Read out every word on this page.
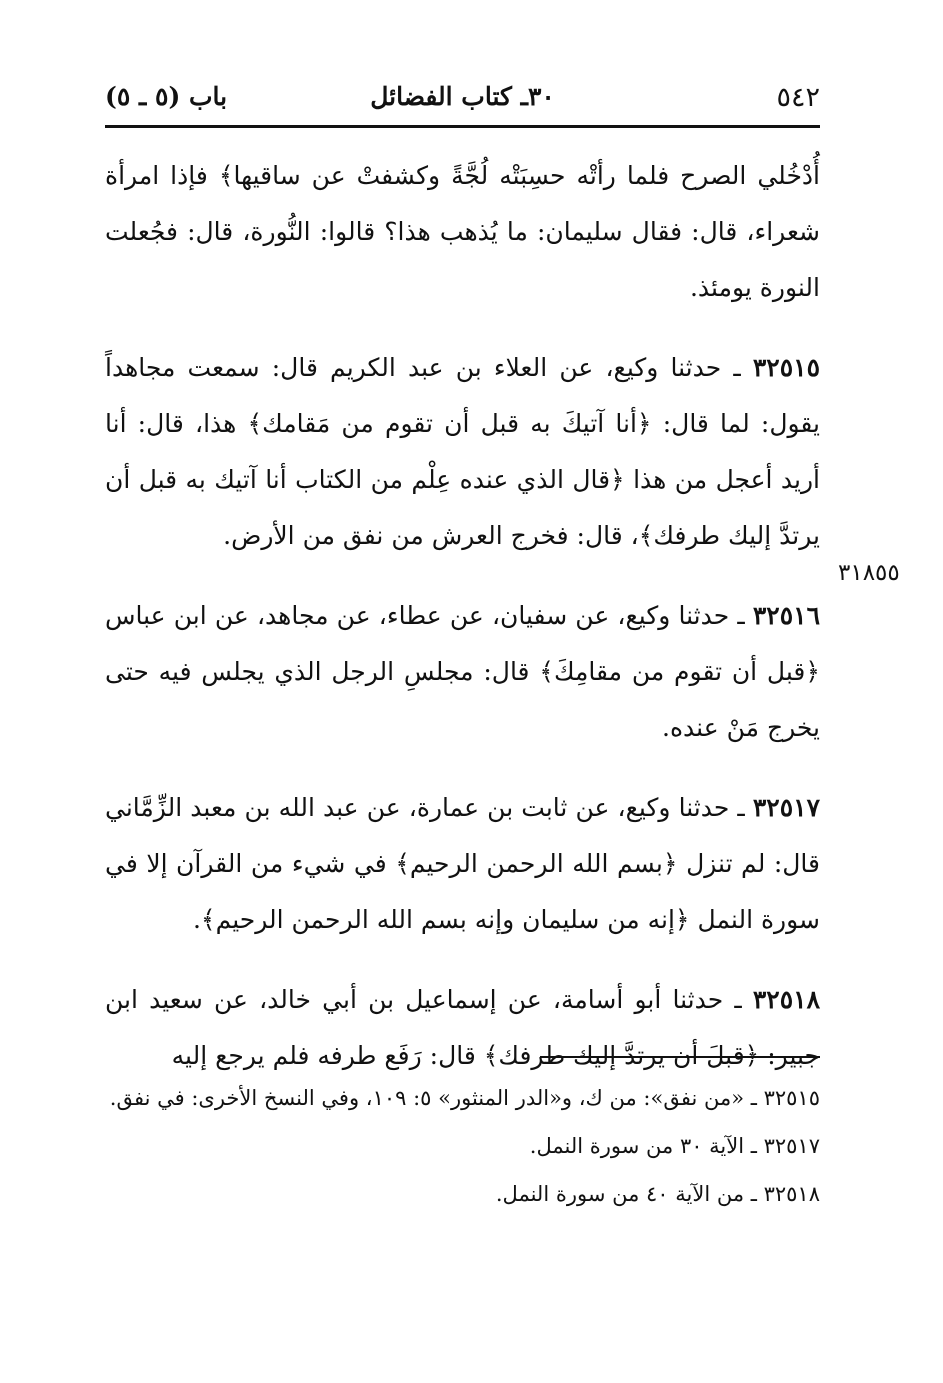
٥٤٢
٣٠ـ كتاب الفضائل
باب (٥ ـ ٥)

أُدْخُلي الصرح فلما رأتْه حسِبَتْه لُجَّةً وكشفتْ عن ساقيها﴾ فإذا امرأة شعراء، قال: فقال سليمان: ما يُذهب هذا؟ قالوا: النُّورة، قال: فجُعلت النورة يومئذ.

٣٢٥١٥ ـ حدثنا وكيع، عن العلاء بن عبد الكريم قال: سمعت مجاهداً يقول: لما قال: ﴿أنا آتيكَ به قبل أن تقوم من مَقامك﴾ هذا، قال: أنا أريد أعجل من هذا ﴿قال الذي عنده عِلْم من الكتاب أنا آتيك به قبل أن يرتدَّ إليك طرفك﴾، قال: فخرج العرش من نفق من الأرض.

٣٢٥١٦ ـ حدثنا وكيع، عن سفيان، عن عطاء، عن مجاهد، عن ابن عباس ﴿قبل أن تقوم من مقامِكَ﴾ قال: مجلسِ الرجل الذي يجلس فيه حتى يخرج مَنْ عنده.

٣٢٥١٧ ـ حدثنا وكيع، عن ثابت بن عمارة، عن عبد الله بن معبد الزِّمَّاني قال: لم تنزل ﴿بسم الله الرحمن الرحيم﴾ في شيء من القرآن إلا في سورة النمل ﴿إنه من سليمان وإنه بسم الله الرحمن الرحيم﴾.

٣٢٥١٨ ـ حدثنا أبو أسامة، عن إسماعيل بن أبي خالد، عن سعيد ابن جبير: ﴿قبلَ أن يرتدَّ إليك طرفك﴾ قال: رَفَع طرفه فلم يرجع إليه

٣١٨٥٥

٣٢٥١٥ ـ «من نفق»: من ك، و«الدر المنثور» ٥: ١٠٩، وفي النسخ الأخرى: في نفق.

٣٢٥١٧ ـ الآية ٣٠ من سورة النمل.

٣٢٥١٨ ـ من الآية ٤٠ من سورة النمل.
